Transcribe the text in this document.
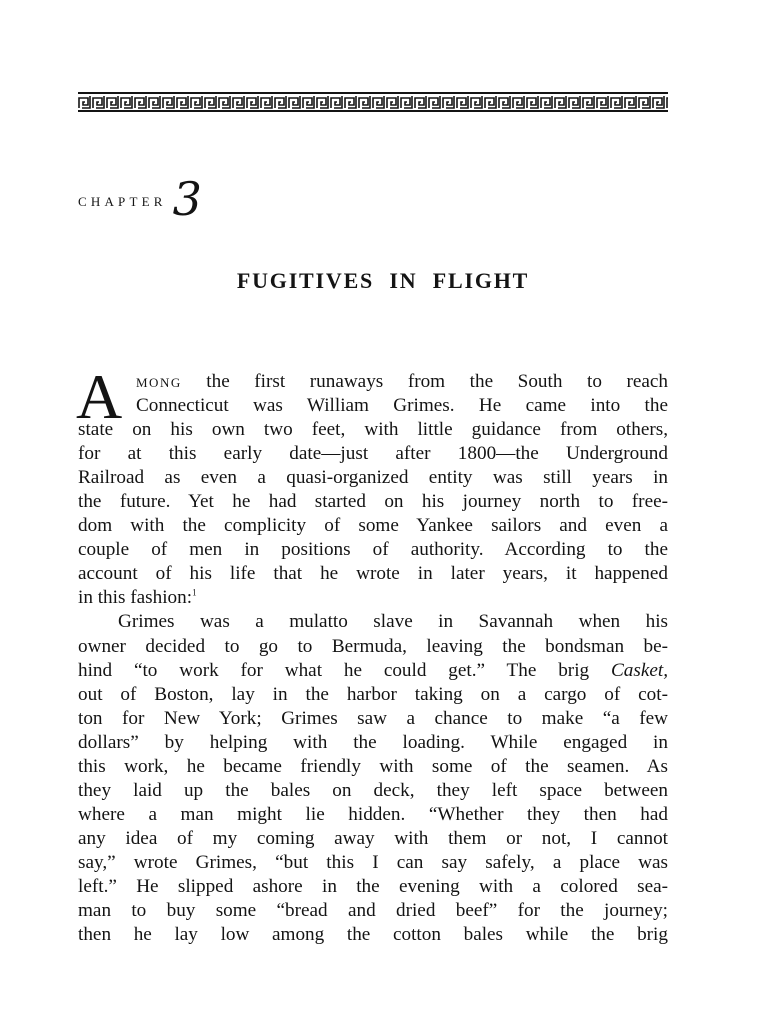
CHAPTER 3
FUGITIVES IN FLIGHT
A mong the first runaways from the South to reach
Connecticut was William Grimes. He came into the
state on his own two feet, with little guidance from others,
for at this early date—just after 1800—the Underground
Railroad as even a quasi-organized entity was still years in
the future. Yet he had started on his journey north to free-
dom with the complicity of some Yankee sailors and even a
couple of men in positions of authority. According to the
account of his life that he wrote in later years, it happened
in this fashion:$^1$
Grimes was a mulatto slave in Savannah when his
owner decided to go to Bermuda, leaving the bondsman be-
hind “to work for what he could get.” The brig Casket,
out of Boston, lay in the harbor taking on a cargo of cot-
ton for New York; Grimes saw a chance to make “a few
dollars” by helping with the loading. While engaged in
this work, he became friendly with some of the seamen. As
they laid up the bales on deck, they left space between
where a man might lie hidden. “Whether they then had
any idea of my coming away with them or not, I cannot
say,” wrote Grimes, “but this I can say safely, a place was
left.” He slipped ashore in the evening with a colored sea-
man to buy some “bread and dried beef” for the journey;
then he lay low among the cotton bales while the brig
